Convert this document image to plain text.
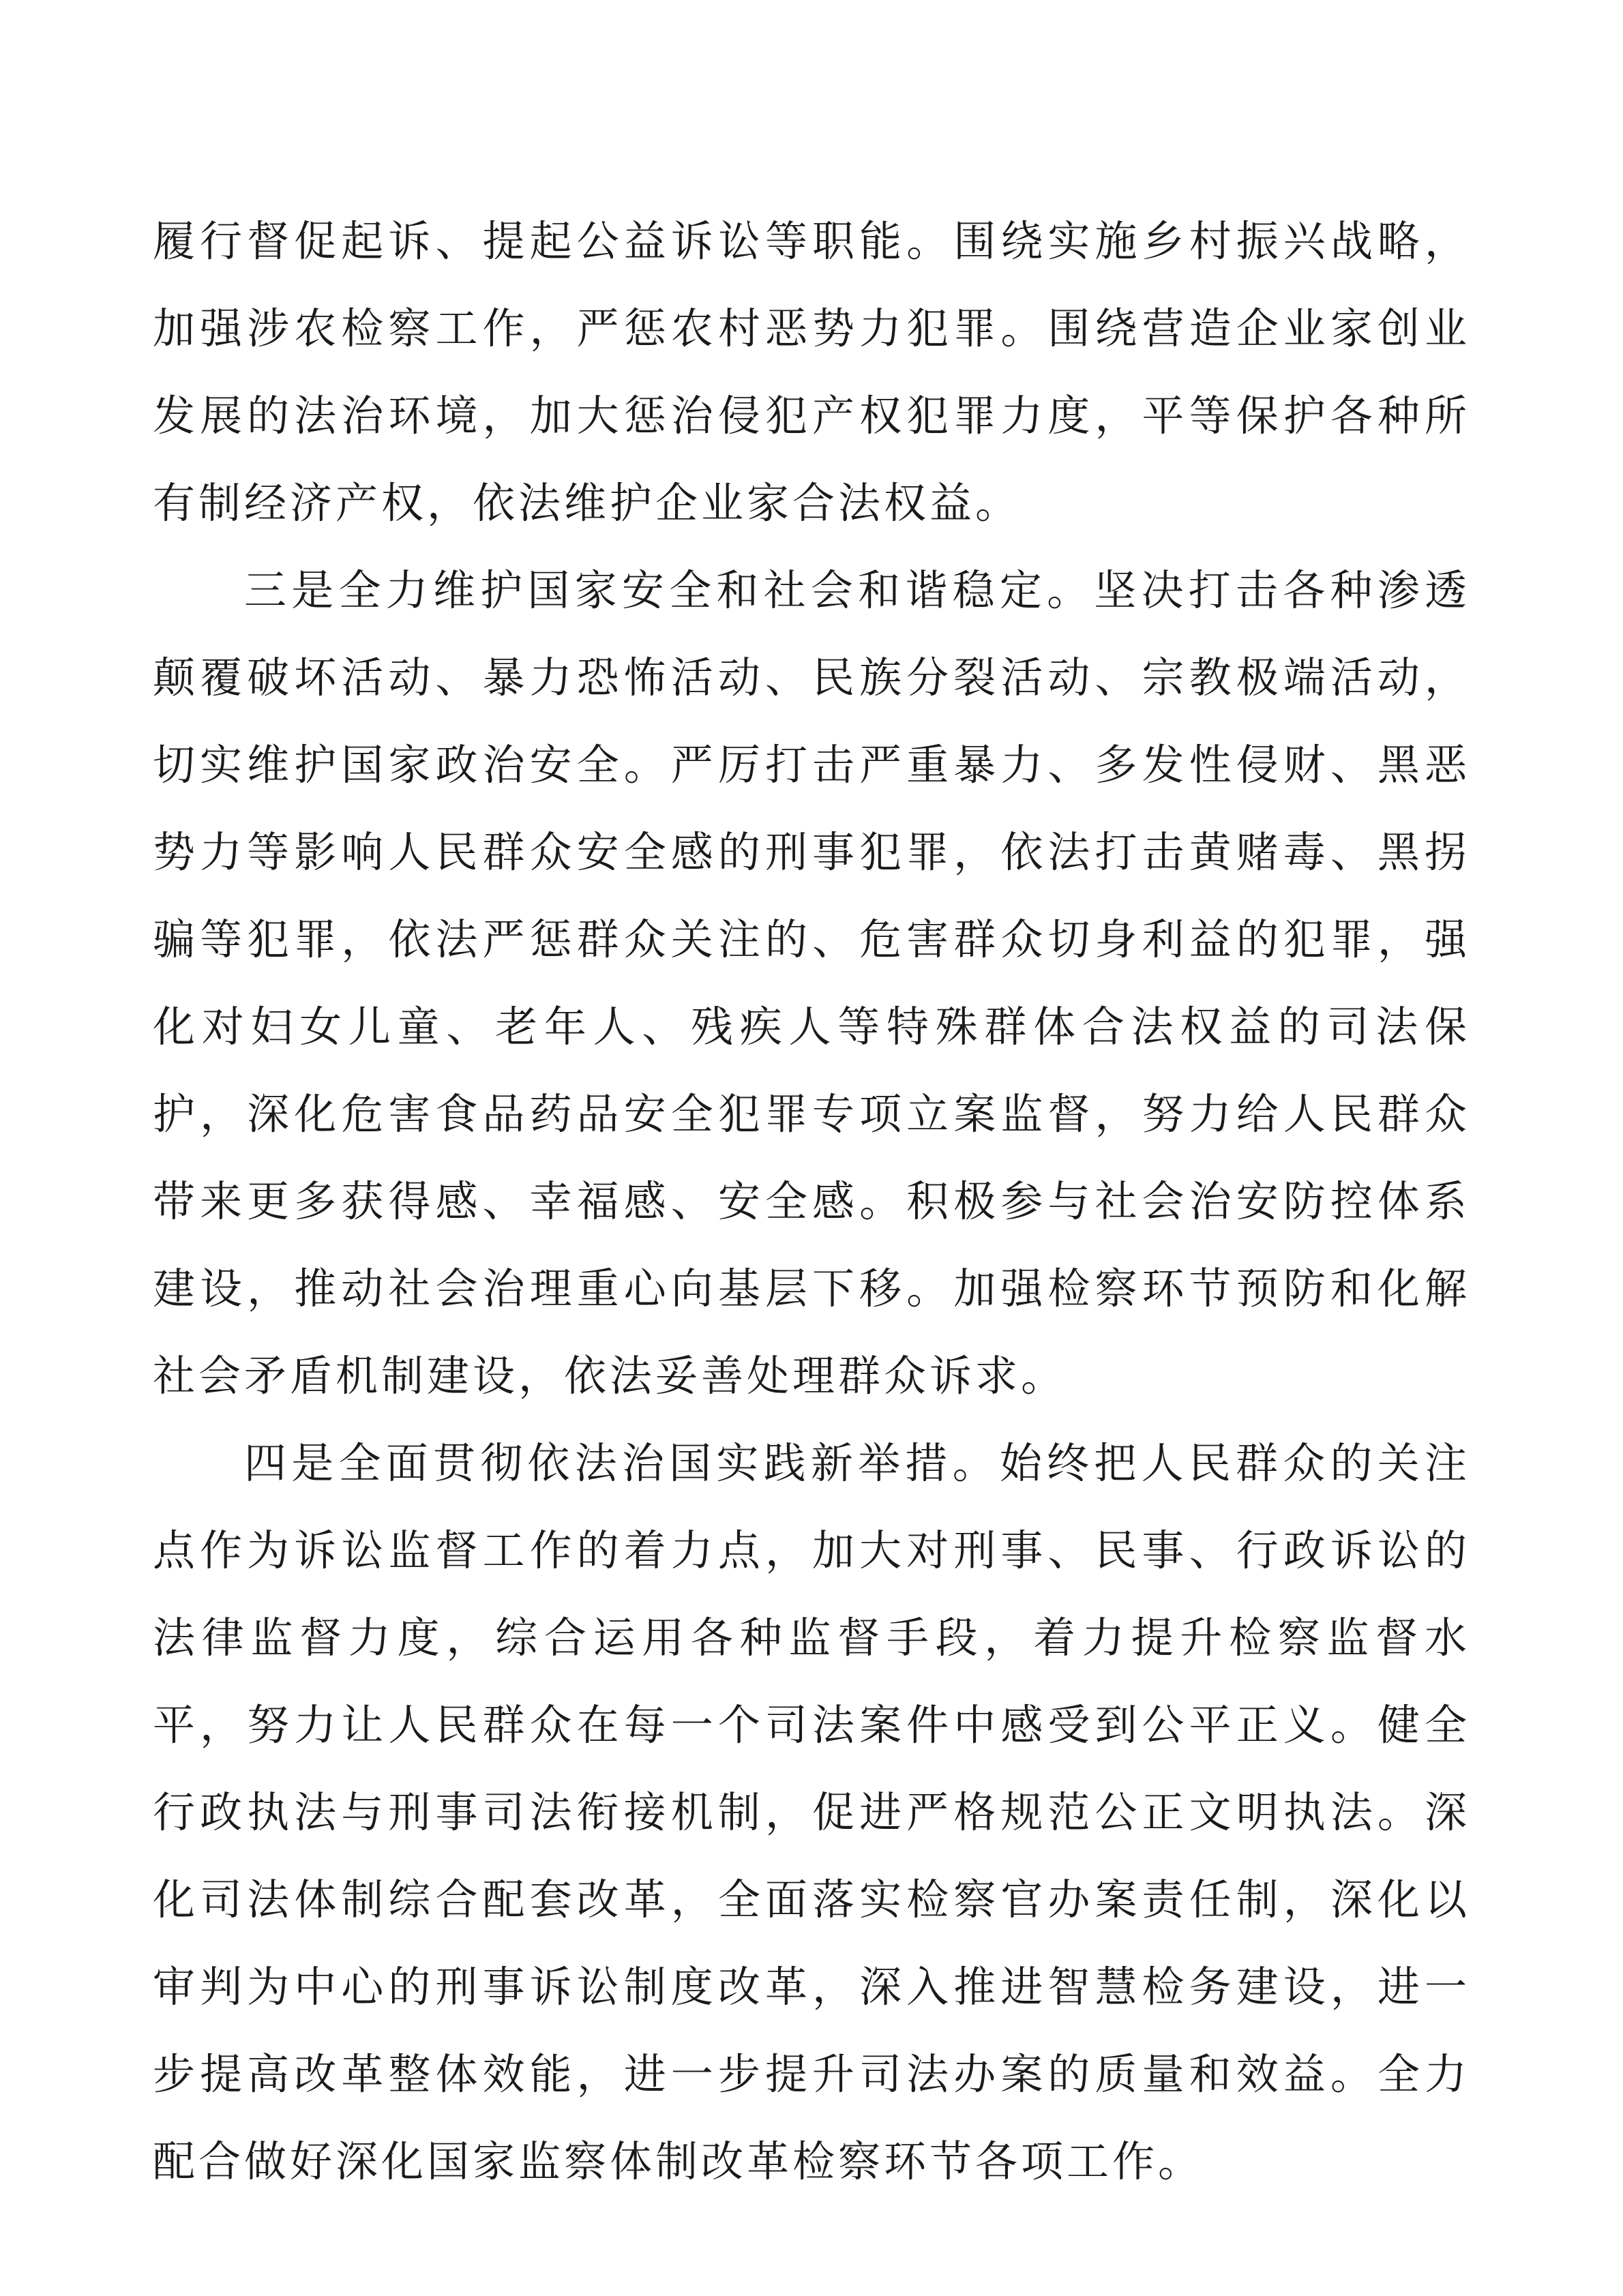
履行督促起诉、提起公益诉讼等职能。围绕实施乡村振兴战略，加强涉农检察工作，严惩农村恶势力犯罪。围绕营造企业家创业发展的法治环境，加大惩治侵犯产权犯罪力度，平等保护各种所有制经济产权，依法维护企业家合法权益。

三是全力维护国家安全和社会和谐稳定。坚决打击各种渗透颠覆破坏活动、暴力恐怖活动、民族分裂活动、宗教极端活动，切实维护国家政治安全。严厉打击严重暴力、多发性侵财、黑恶势力等影响人民群众安全感的刑事犯罪，依法打击黄赌毒、黑拐骗等犯罪，依法严惩群众关注的、危害群众切身利益的犯罪，强化对妇女儿童、老年人、残疾人等特殊群体合法权益的司法保护，深化危害食品药品安全犯罪专项立案监督，努力给人民群众带来更多获得感、幸福感、安全感。积极参与社会治安防控体系建设，推动社会治理重心向基层下移。加强检察环节预防和化解社会矛盾机制建设，依法妥善处理群众诉求。

四是全面贯彻依法治国实践新举措。始终把人民群众的关注点作为诉讼监督工作的着力点，加大对刑事、民事、行政诉讼的法律监督力度，综合运用各种监督手段，着力提升检察监督水平，努力让人民群众在每一个司法案件中感受到公平正义。健全行政执法与刑事司法衔接机制，促进严格规范公正文明执法。深化司法体制综合配套改革，全面落实检察官办案责任制，深化以审判为中心的刑事诉讼制度改革，深入推进智慧检务建设，进一步提高改革整体效能，进一步提升司法办案的质量和效益。全力配合做好深化国家监察体制改革检察环节各项工作。
